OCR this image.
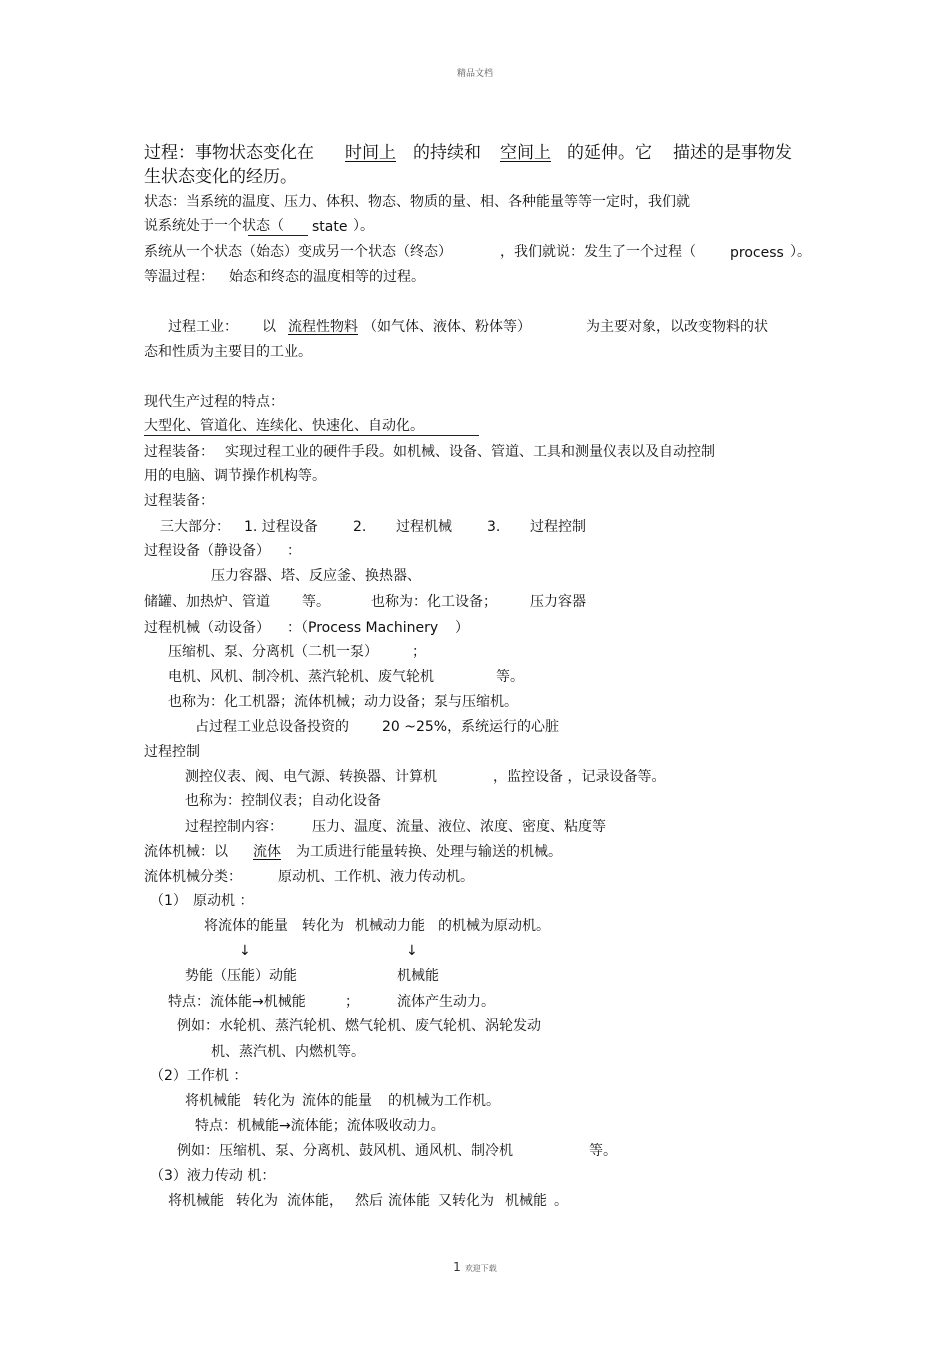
精品文档
过程：事物状态变化在 时间上 的持续和 空间上 的延伸。它 描述的是事物发
生状态变化的经历。
状态：当系统的温度、压力、体积、物态、物质的量、相、各种能量等等一定时，我们就
说系统处于一个状态（ state ）。
系统从一个状态（始态）变成另一个状态（终态）	，我们就说：发生了一个过程（ process ）。
等温过程： 始态和终态的温度相等的过程。
过程工业： 以 流程性物料 （如气体、液体、粉体等）	为主要对象，以改变物料的状
态和性质为主要目的工业。
现代生产过程的特点：
大型化、管道化、连续化、快速化、自动化。
过程装备： 实现过程工业的硬件手段。如机械、设备、管道、工具和测量仪表以及自动控制
用的电脑、调节操作机构等。
过程装备：
三大部分： 1. 过程设备	2. 过程机械	3. 过程控制
过程设备（静设备） ：
压力容器、塔、反应釜、换热器、
储罐、加热炉、管道 等。	也称为：化工设备； 压力容器
过程机械（动设备） ：（Process Machinery ）
压缩机、泵、分离机（二机一泵） ；
电机、风机、制冷机、蒸汽轮机、废气轮机	等。
也称为：化工机器；流体机械；动力设备；泵与压缩机。
占过程工业总设备投资的 20 ~25%， 系统运行的心脏
过程控制
测控仪表、阀、电气源、转换器、计算机	，监控设备 ，记录设备等。
也称为：控制仪表；自动化设备
过程控制内容： 压力、温度、流量、液位、浓度、密度、粘度等
流体机械：以 流体 为工质进行能量转换、处理与输送的机械。
流体机械分类：	原动机、工作机、液力传动机。
（1） 原动机 ：
将流体的能量 转化为 机械动力能 的机械为原动机。
↓	↓
势能（压能）动能	机械能
特点：流体能→机械能	；	流体产生动力。
例如：水轮机、蒸汽轮机、燃气轮机、废气轮机、涡轮发动
机、蒸汽机、内燃机等。
（2）工作机 ：
将机械能 转化为 流体的能量 的机械为工作机。
特点：机械能→流体能；流体吸收动力。
例如：压缩机、泵、分离机、鼓风机、通风机、制冷机	等。
（3）液力传动 机：
将机械能 转化为 流体能， 然后 流体能 又转化为 机械能 。
1 欢迎下载
